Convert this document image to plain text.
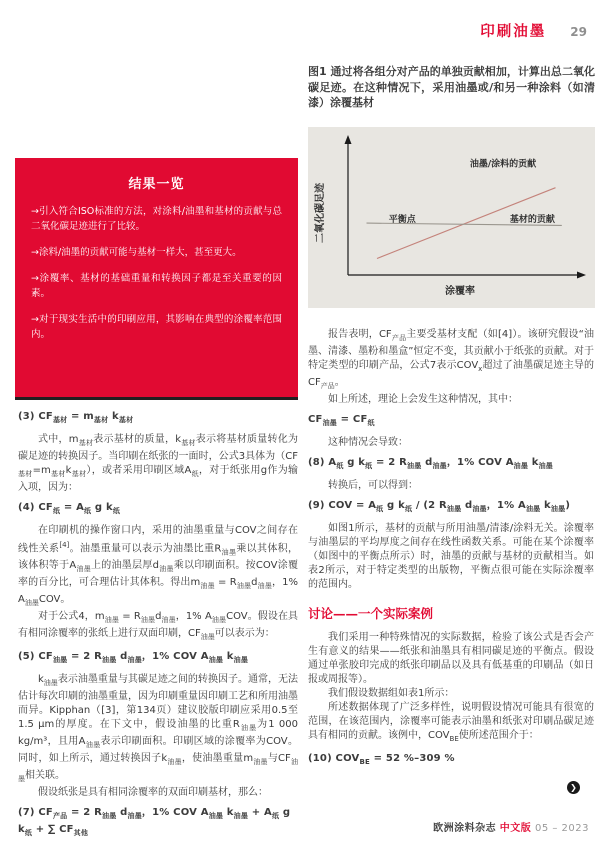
印刷油墨 29
结果一览

→引入符合ISO标准的方法，对涂料/油墨和基材的贡献与总二氧化碳足迹进行了比较。

→涂料/油墨的贡献可能与基材一样大，甚至更大。

→涂覆率、基材的基础重量和转换因子都是至关重要的因素。

→对于现实生活中的印刷应用，其影响在典型的涂覆率范围内。

图1 通过将各组分对产品的单独贡献相加，计算出总二氧化碳足迹。在这种情况下，采用油墨或/和另一种涂料（如清漆）涂覆基材
油墨/涂料的贡献
基材的贡献
平衡点
二氧化碳足迹
涂覆率

(3) $CF_{基材} = m_{基材}$ $k_{基材}$

式中，$m_{基材}$表示基材的质量，$k_{基材}$表示将基材质量转化为碳足迹的转换因子。当印刷在纸张的一面时，公式3具体为$(CF_{基材}=m_{基材}k_{基材})$，或者采用印刷区域$A_纸$，对于纸张用g作为输入项，因为：

(4) $CF_纸 = A_纸$ g $k_纸$

在印刷机的操作窗口内，采用的油墨重量与COV之间存在线性关系[4]。油墨重量可以表示为油墨比重$R_{油墨}$乘以其体积，该体积等于$A_{油墨}$上的油墨层厚$d_{油墨}$乘以印刷面积。按COV涂覆率的百分比，可合理估计其体积。得出$m_{油墨} = R_{油墨}d_{油墨}$，1% $A_{油墨}COV$。

对于公式4，$m_{油墨} = R_{油墨}d_{油墨}$，1% $A_{油墨}COV$。假设在具有相同涂覆率的张纸上进行双面印刷，$CF_{油墨}$可以表示为：

(5) $CF_{油墨} = 2$ $R_{油墨}$ $d_{油墨}$，1% COV $A_{油墨}$ $k_{油墨}$

$k_{油墨}$表示油墨重量与其碳足迹之间的转换因子。通常，无法估计每次印刷的油墨重量，因为印刷重量因印刷工艺和所用油墨而异。Kipphan（[3]，第134页）建议胶版印刷应采用0.5至1.5 μm的厚度。在下文中，假设油墨的比重$R_{油墨}$为1 000 kg/m³，且用$A_{油墨}$表示印刷面积。印刷区域的涂覆率为COV。同时，如上所示，通过转换因子$k_{油墨}$，使油墨重量$m_{油墨}$与$CF_{油墨}$相关联。

假设纸张是具有相同涂覆率的双面印刷基材，那么：

(7) $CF_{产品} = 2$ $R_{油墨}$ $d_{油墨}$，1% COV $A_{油墨}$ $k_{油墨} + A_纸$ g $k_纸$ + ∑ $CF_{其他}$

报告表明，$CF_{产品}$主要受基材支配（如[4]）。该研究假设“油墨、清漆、墨粉和墨盒”恒定不变，其贡献小于纸张的贡献。对于特定类型的印刷产品，公式7表示$COV_x$超过了油墨碳足迹主导的$CF_{产品}$。

如上所述，理论上会发生这种情况，其中：

$CF_{油墨} = CF_纸$

这种情况会导致：

(8) $A_纸$ g $k_纸 = 2$ $R_{油墨}$ $d_{油墨}$，1% COV $A_{油墨}$ $k_{油墨}$

转换后，可以得到：

(9) COV = $A_纸$ g $k_纸 / (2$ $R_{油墨}$ $d_{油墨}$，1% $A_{油墨}$ $k_{油墨}$)

如图1所示，基材的贡献与所用油墨/清漆/涂料无关。涂覆率与油墨层的平均厚度之间存在线性函数关系。可能在某个涂覆率（如图中的平衡点所示）时，油墨的贡献与基材的贡献相当。如表2所示，对于特定类型的出版物，平衡点很可能在实际涂覆率的范围内。

讨论——一个实际案例

我们采用一种特殊情况的实际数据，检验了该公式是否会产生有意义的结果——纸张和油墨具有相同碳足迹的平衡点。假设通过单张胶印完成的纸张印刷品以及具有低基重的印刷品（如日报或周报等）。

我们假设数据组如表1所示：

所述数据体现了广泛多样性，说明假设情况可能具有很宽的范围，在该范围内，涂覆率可能表示油墨和纸张对印刷品碳足迹具有相同的贡献。该例中，$COV_{BE}$使所述范围介于：

(10) $COV_{BE} = 52$ %–309 %

❯
欧洲涂料杂志 中文版 05 – 2023
